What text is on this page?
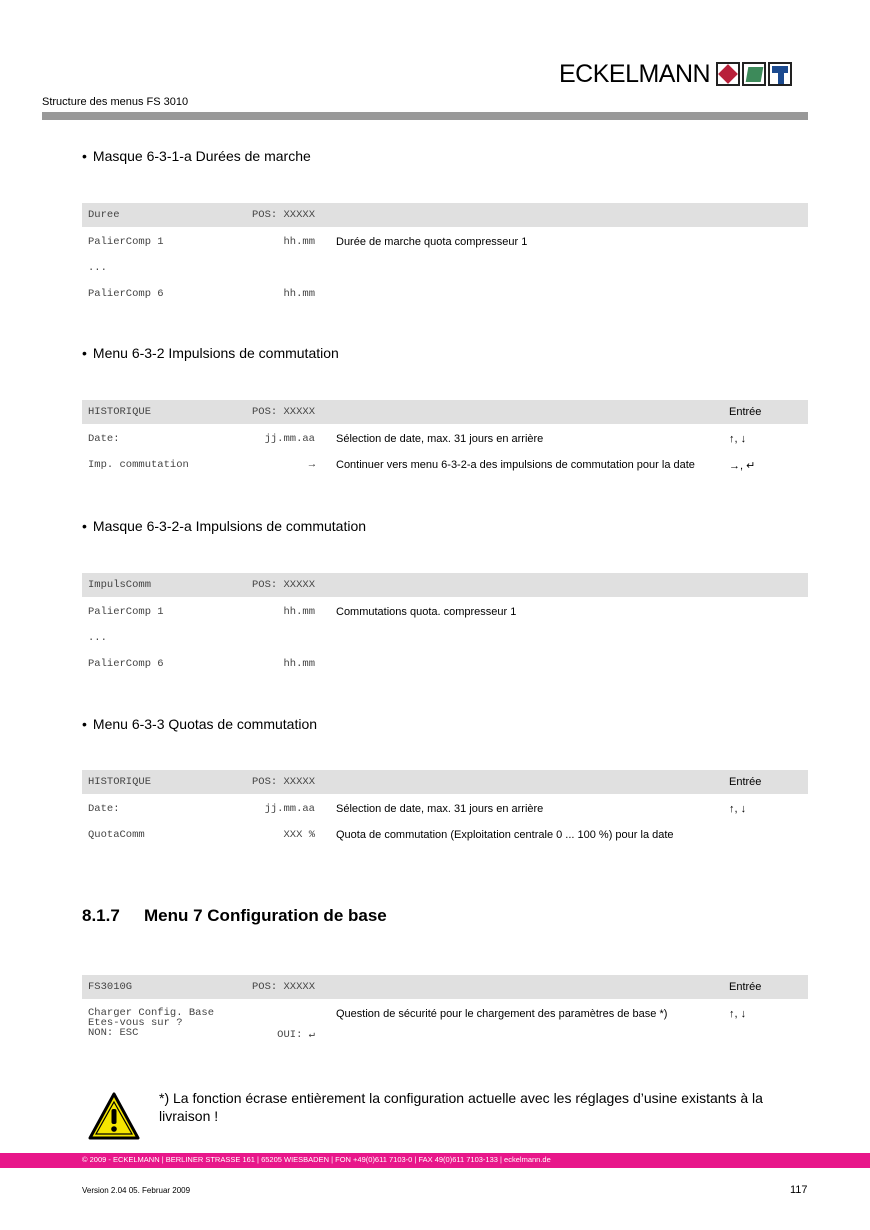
ECKELMANN
Structure des menus FS 3010
• Masque 6-3-1-a Durées de marche
Duree	POS: XXXXX
PalierComp 1	hh.mm Durée de marche quota compresseur 1
...
PalierComp 6	hh.mm
• Menu 6-3-2 Impulsions de commutation
HISTORIQUE	POS: XXXXX	Entrée
Date:	jj.mm.aa Sélection de date, max. 31 jours en arrière	↑, ↓
Imp. commutation	→ Continuer vers menu 6-3-2-a des impulsions de commutation pour la date	→, ↵
• Masque 6-3-2-a Impulsions de commutation
ImpulsComm	POS: XXXXX
PalierComp 1	hh.mm Commutations quota. compresseur 1
...
PalierComp 6	hh.mm
• Menu 6-3-3 Quotas de commutation
HISTORIQUE	POS: XXXXX	Entrée
Date:	jj.mm.aa Sélection de date, max. 31 jours en arrière	↑, ↓
QuotaComm	XXX % Quota de commutation (Exploitation centrale 0 ... 100 %) pour la date
8.1.7 Menu 7 Configuration de base
FS3010G	POS: XXXXX	Entrée
Charger Config. Base
Etes-vous sur ?
NON: ESC	OUI: ↵
Question de sécurité pour le chargement des paramètres de base *)	↑, ↓
*) La fonction écrase entièrement la configuration actuelle avec les réglages d’usine existants à la livraison !
© 2009 - ECKELMANN | BERLINER STRASSE 161 | 65205 WIESBADEN | FON +49(0)611 7103-0 | FAX 49(0)611 7103-133 | eckelmann.de
Version 2.04 05. Februar 2009	117
